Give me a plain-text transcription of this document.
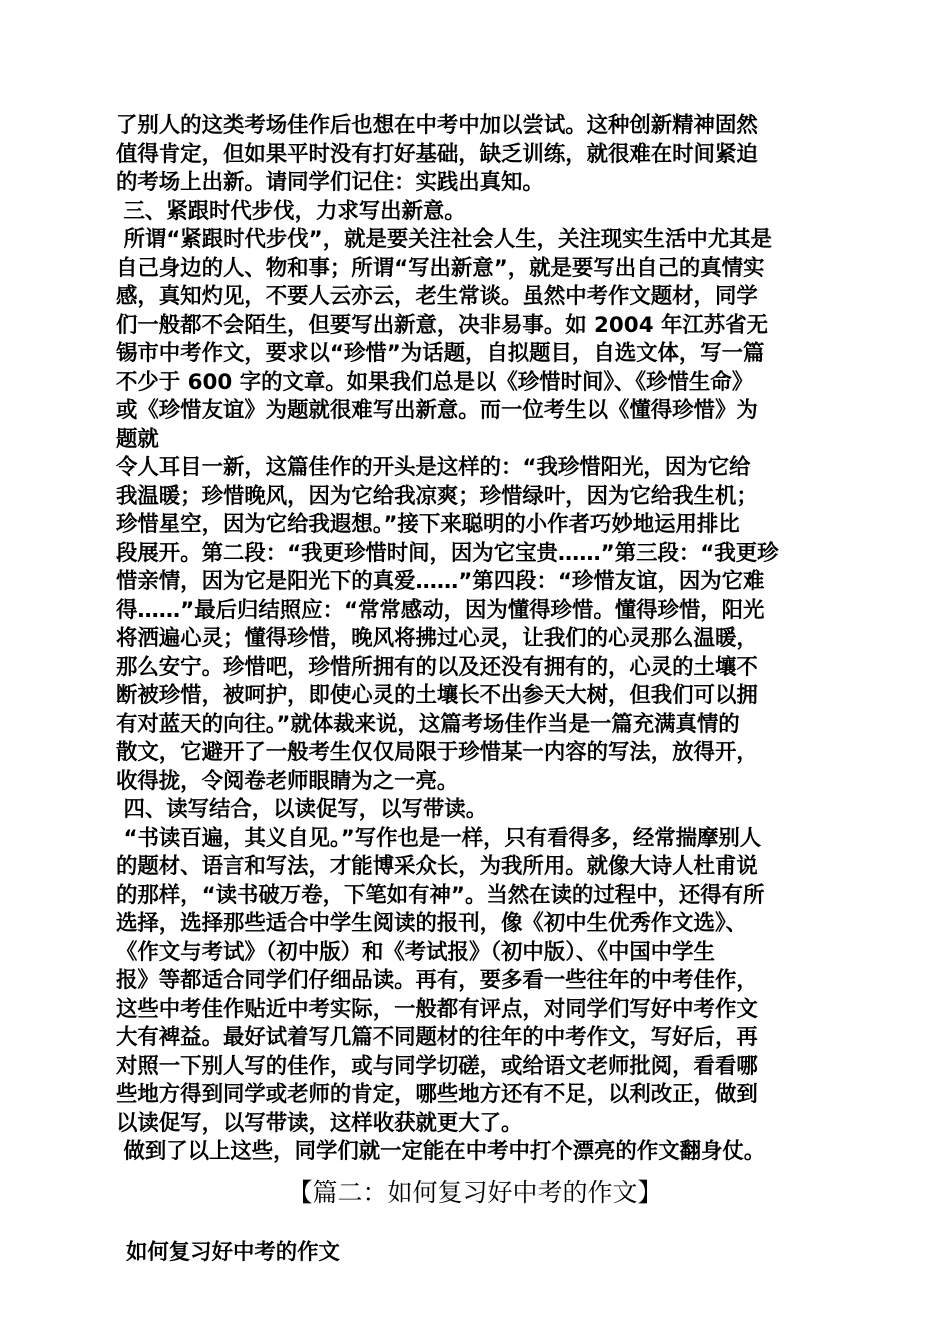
了别人的这类考场佳作后也想在中考中加以尝试。这种创新精神固然
值得肯定，但如果平时没有打好基础，缺乏训练，就很难在时间紧迫
的考场上出新。请同学们记住：实践出真知。
三、紧跟时代步伐，力求写出新意。
所谓“紧跟时代步伐”，就是要关注社会人生，关注现实生活中尤其是
自己身边的人、物和事；所谓“写出新意”，就是要写出自己的真情实
感，真知灼见，不要人云亦云，老生常谈。虽然中考作文题材，同学
们一般都不会陌生，但要写出新意，决非易事。如 2004 年江苏省无
锡市中考作文，要求以“珍惜”为话题，自拟题目，自选文体，写一篇
不少于 600 字的文章。如果我们总是以《珍惜时间》、《珍惜生命》
或《珍惜友谊》为题就很难写出新意。而一位考生以《懂得珍惜》为
题就
令人耳目一新，这篇佳作的开头是这样的：“我珍惜阳光，因为它给
我温暖；珍惜晚风，因为它给我凉爽；珍惜绿叶，因为它给我生机；
珍惜星空，因为它给我遐想。”接下来聪明的小作者巧妙地运用排比
段展开。第二段：“我更珍惜时间，因为它宝贵……”第三段：“我更珍
惜亲情，因为它是阳光下的真爱……”第四段：“珍惜友谊，因为它难
得……”最后归结照应：“常常感动，因为懂得珍惜。懂得珍惜，阳光
将洒遍心灵；懂得珍惜，晚风将拂过心灵，让我们的心灵那么温暖，
那么安宁。珍惜吧，珍惜所拥有的以及还没有拥有的，心灵的土壤不
断被珍惜，被呵护，即使心灵的土壤长不出参天大树，但我们可以拥
有对蓝天的向往。”就体裁来说，这篇考场佳作当是一篇充满真情的
散文，它避开了一般考生仅仅局限于珍惜某一内容的写法，放得开，
收得拢，令阅卷老师眼睛为之一亮。
四、读写结合，以读促写，以写带读。
“书读百遍，其义自见。”写作也是一样，只有看得多，经常揣摩别人
的题材、语言和写法，才能博采众长，为我所用。就像大诗人杜甫说
的那样，“读书破万卷，下笔如有神”。当然在读的过程中，还得有所
选择，选择那些适合中学生阅读的报刊，像《初中生优秀作文选》、
《作文与考试》（初中版）和《考试报》（初中版）、《中国中学生
报》等都适合同学们仔细品读。再有，要多看一些往年的中考佳作，
这些中考佳作贴近中考实际，一般都有评点，对同学们写好中考作文
大有裨益。最好试着写几篇不同题材的往年的中考作文，写好后，再
对照一下别人写的佳作，或与同学切磋，或给语文老师批阅，看看哪
些地方得到同学或老师的肯定，哪些地方还有不足，以利改正，做到
以读促写，以写带读，这样收获就更大了。
做到了以上这些，同学们就一定能在中考中打个漂亮的作文翻身仗。
【篇二：如何复习好中考的作文】
如何复习好中考的作文
